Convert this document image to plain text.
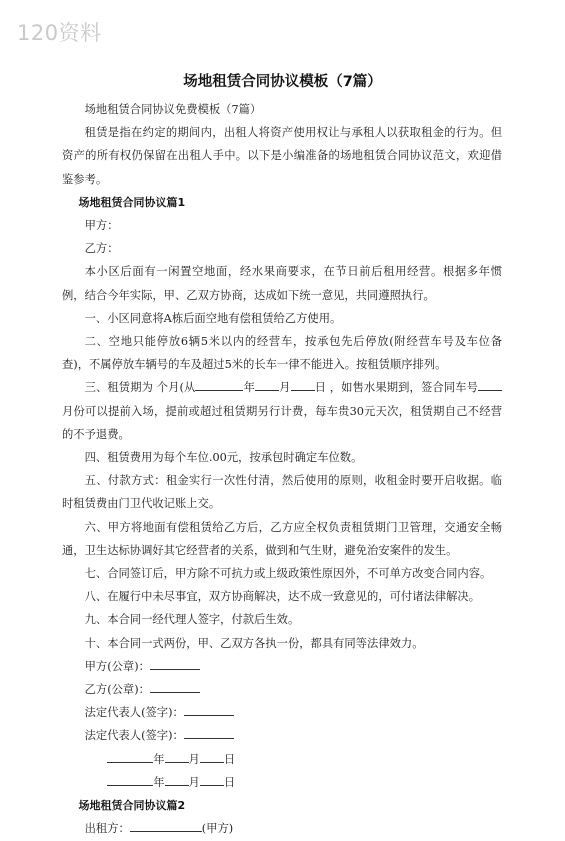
120资料
场地租赁合同协议模板（7篇）

场地租赁合同协议免费模板（7篇）

租赁是指在约定的期间内，出租人将资产使用权让与承租人以获取租金的行为。但资产的所有权仍保留在出租人手中。以下是小编准备的场地租赁合同协议范文，欢迎借鉴参考。

场地租赁合同协议篇1

甲方：

乙方：

本小区后面有一闲置空地面，经水果商要求，在节日前后租用经营。根据多年惯例，结合今年实际，甲、乙双方协商，达成如下统一意见，共同遵照执行。

一、小区同意将A栋后面空地有偿租赁给乙方使用。

二、空地只能停放6辆5米以内的经营车，按承包先后停放(附经营车号及车位备查)，不属停放车辆号的车及超过5米的长车一律不能进入。按租赁顺序排列。

三、租赁期为 个月(从	年 月 日 ，如售水果期到，签合同车号月份可以提前入场，提前或超过租赁期另行计费，每车贵30元天次，租赁期自己不经营的不予退费。

四、租赁费用为每个车位.00元，按承包时确定车位数。

五、付款方式：租金实行一次性付清，然后使用的原则，收租金时要开启收据。临时租赁费由门卫代收记账上交。

六、甲方将地面有偿租赁给乙方后，乙方应全权负责租赁期门卫管理，交通安全畅通，卫生达标协调好其它经营者的关系，做到和气生财，避免治安案件的发生。

七、合同签订后，甲方除不可抗力或上级政策性原因外，不可单方改变合同内容。

八、在履行中未尽事宜，双方协商解决，达不成一致意见的，可付诸法律解决。

九、本合同一经代理人签字，付款后生效。

十、本合同一式两份，甲、乙双方各执一份，都具有同等法律效力。

甲方(公章)：

乙方(公章)：

法定代表人(签字)：

法定代表人(签字)：

年 月 日

年 月 日

场地租赁合同协议篇2

出租方：	(甲方)
